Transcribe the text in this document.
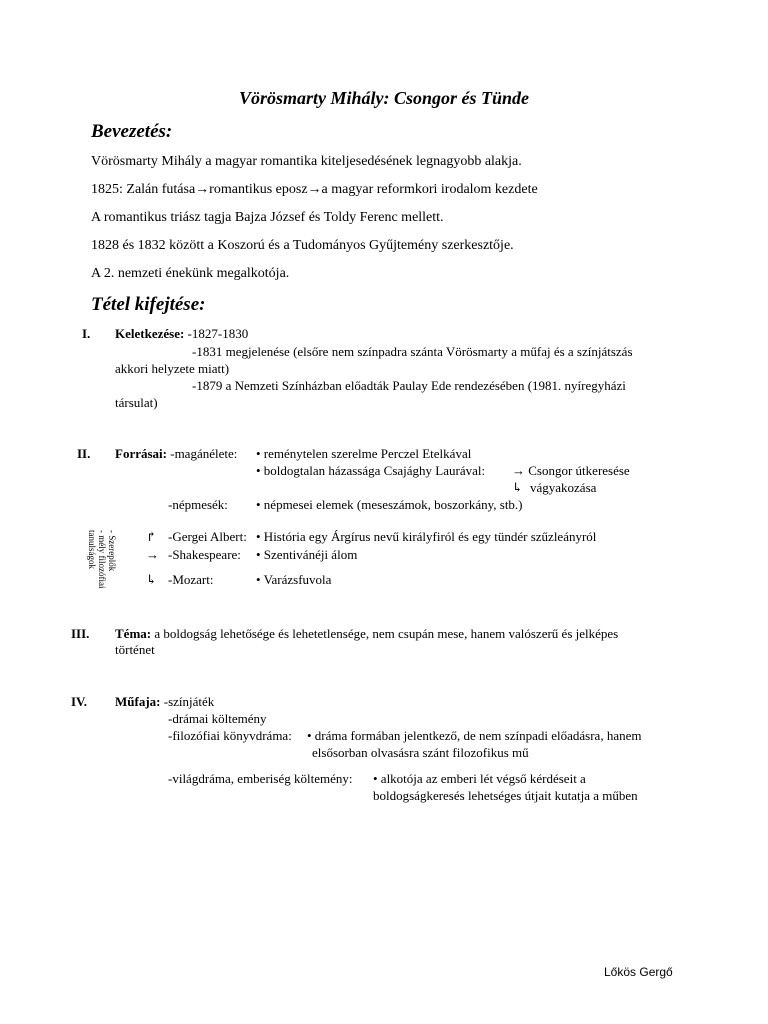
Vörösmarty Mihály: Csongor és Tünde
Bevezetés:
Vörösmarty Mihály a magyar romantika kiteljesedésének legnagyobb alakja.
1825: Zalán futása→romantikus eposz→a magyar reformkori irodalom kezdete
A romantikus triász tagja Bajza József és Toldy Ferenc mellett.
1828 és 1832 között a Koszorú és a Tudományos Gyűjtemény szerkesztője.
A 2. nemzeti énekünk megalkotója.
Tétel kifejtése:
I. Keletkezése: -1827-1830
-1831 megjelenése (elsőre nem színpadra szánta Vörösmarty a műfaj és a színjátszás
akkori helyzete miatt)
-1879 a Nemzeti Színházban előadták Paulay Ede rendezésében (1981. nyíregyházi
társulat)
II. Forrásai: -magánélete: • reménytelen szerelme Perczel Etelkával
• boldogtalan házassága Csajághy Laurával: → Csongor útkeresése
↳ vágyakozása
-népmesék: • népmesei elemek (meseszámok, boszorkány, stb.)
- Szereplők
- mély filozófiai
tanulságok	↱ -Gergei Albert: • História egy Árgírus nevű királyfiról és egy tündér szűzleányról
→ -Shakespeare: • Szentivánéji álom
↳ -Mozart:	• Varázsfuvola
III. Téma: a boldogság lehetősége és lehetetlensége, nem csupán mese, hanem valószerű és jelképes
történet
IV. Műfaja: -színjáték
-drámai költemény
-filozófiai könyvdráma: • dráma formában jelentkező, de nem színpadi előadásra, hanem
elsősorban olvasásra szánt filozofikus mű
-világdráma, emberiség költemény: • alkotója az emberi lét végső kérdéseit a
boldogságkeresés lehetséges útjait kutatja a műben
Lőkös Gergő
